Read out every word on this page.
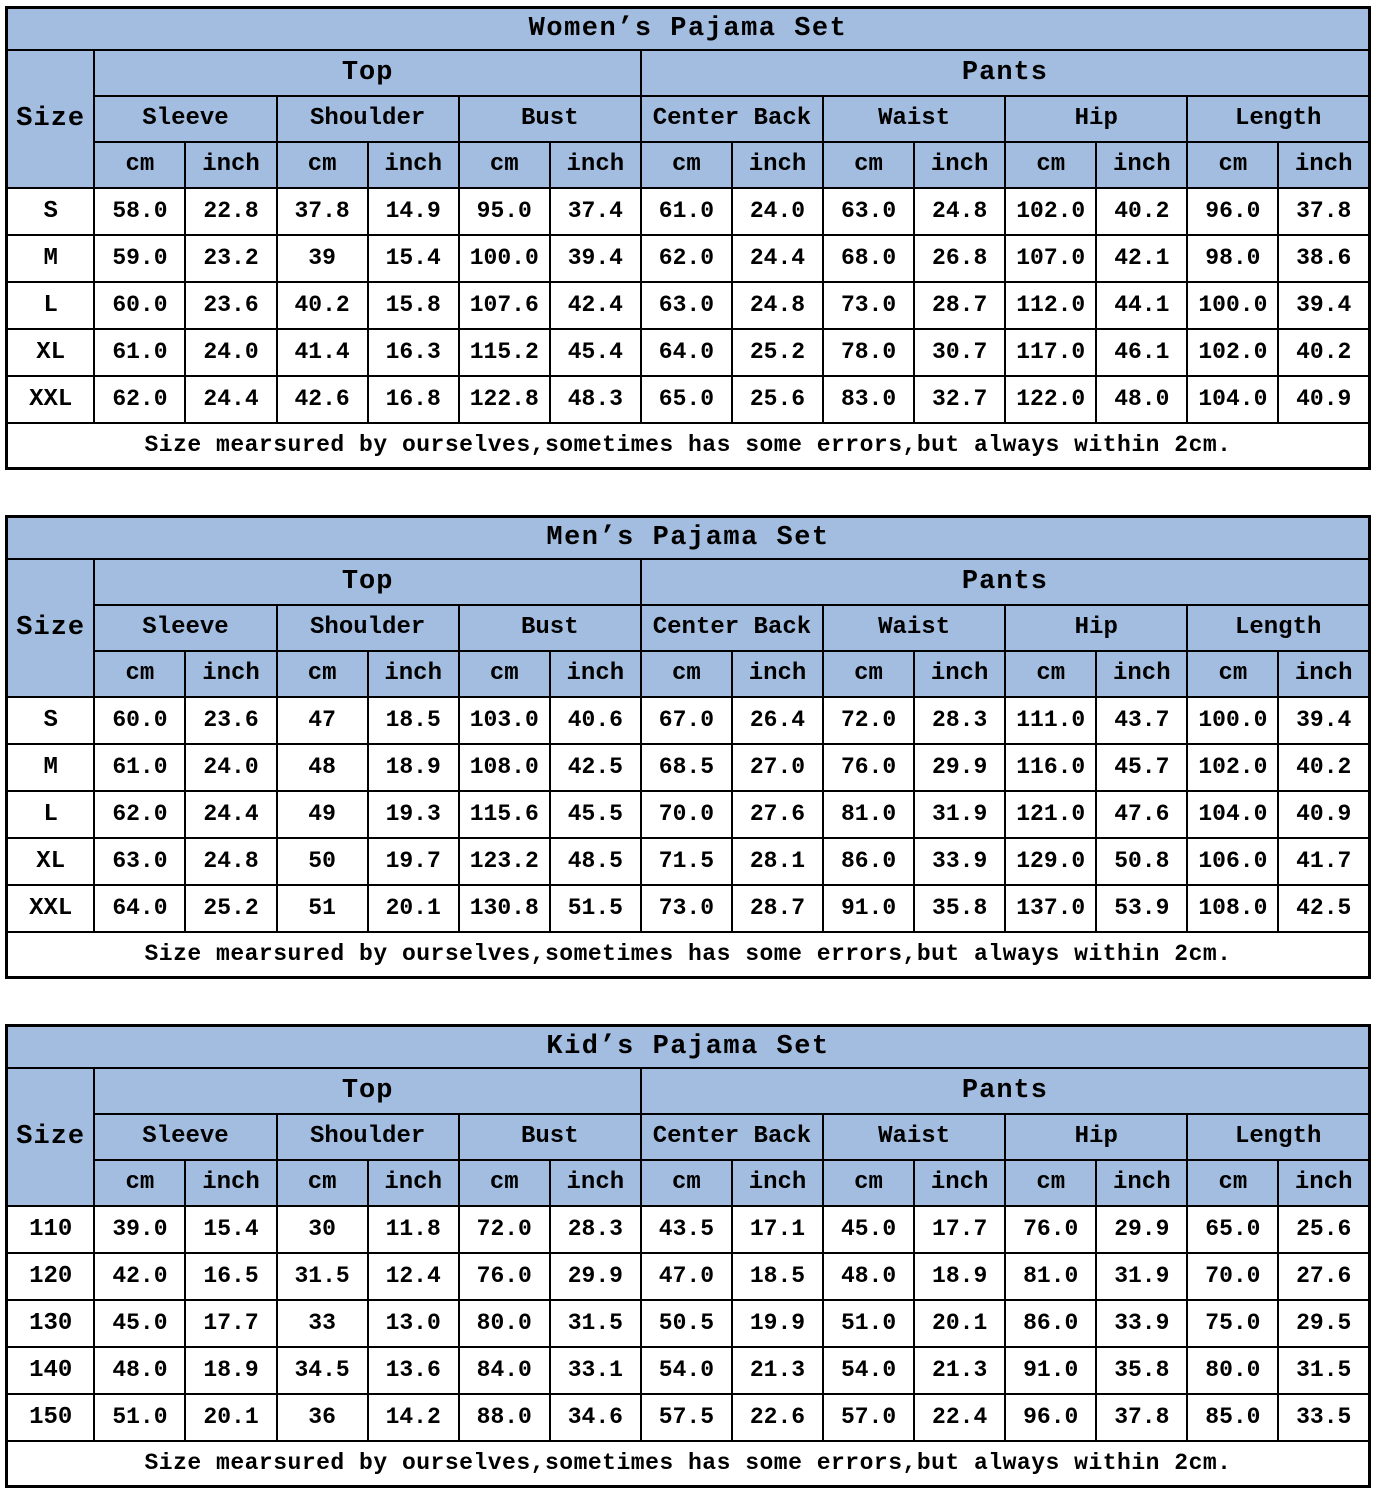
Women’s Pajama Set														
Size	Top						Pants							
	Sleeve		Shoulder		Bust		Center Back		Waist		Hip		Length	
	cm	inch	cm	inch	cm	inch	cm	inch	cm	inch	cm	inch	cm	inch
S	58.0	22.8	37.8	14.9	95.0	37.4	61.0	24.0	63.0	24.8	102.0	40.2	96.0	37.8
M	59.0	23.2	39	15.4	100.0	39.4	62.0	24.4	68.0	26.8	107.0	42.1	98.0	38.6
L	60.0	23.6	40.2	15.8	107.6	42.4	63.0	24.8	73.0	28.7	112.0	44.1	100.0	39.4
XL	61.0	24.0	41.4	16.3	115.2	45.4	64.0	25.2	78.0	30.7	117.0	46.1	102.0	40.2
XXL	62.0	24.4	42.6	16.8	122.8	48.3	65.0	25.6	83.0	32.7	122.0	48.0	104.0	40.9
Size mearsured by ourselves,sometimes has some errors,but always within 2cm.														
Men’s Pajama Set														
Size	Top						Pants							
	Sleeve		Shoulder		Bust		Center Back		Waist		Hip		Length	
	cm	inch	cm	inch	cm	inch	cm	inch	cm	inch	cm	inch	cm	inch
S	60.0	23.6	47	18.5	103.0	40.6	67.0	26.4	72.0	28.3	111.0	43.7	100.0	39.4
M	61.0	24.0	48	18.9	108.0	42.5	68.5	27.0	76.0	29.9	116.0	45.7	102.0	40.2
L	62.0	24.4	49	19.3	115.6	45.5	70.0	27.6	81.0	31.9	121.0	47.6	104.0	40.9
XL	63.0	24.8	50	19.7	123.2	48.5	71.5	28.1	86.0	33.9	129.0	50.8	106.0	41.7
XXL	64.0	25.2	51	20.1	130.8	51.5	73.0	28.7	91.0	35.8	137.0	53.9	108.0	42.5
Size mearsured by ourselves,sometimes has some errors,but always within 2cm.														
Kid’s Pajama Set														
Size	Top						Pants							
	Sleeve		Shoulder		Bust		Center Back		Waist		Hip		Length	
	cm	inch	cm	inch	cm	inch	cm	inch	cm	inch	cm	inch	cm	inch
110	39.0	15.4	30	11.8	72.0	28.3	43.5	17.1	45.0	17.7	76.0	29.9	65.0	25.6
120	42.0	16.5	31.5	12.4	76.0	29.9	47.0	18.5	48.0	18.9	81.0	31.9	70.0	27.6
130	45.0	17.7	33	13.0	80.0	31.5	50.5	19.9	51.0	20.1	86.0	33.9	75.0	29.5
140	48.0	18.9	34.5	13.6	84.0	33.1	54.0	21.3	54.0	21.3	91.0	35.8	80.0	31.5
150	51.0	20.1	36	14.2	88.0	34.6	57.5	22.6	57.0	22.4	96.0	37.8	85.0	33.5
Size mearsured by ourselves,sometimes has some errors,but always within 2cm.														
